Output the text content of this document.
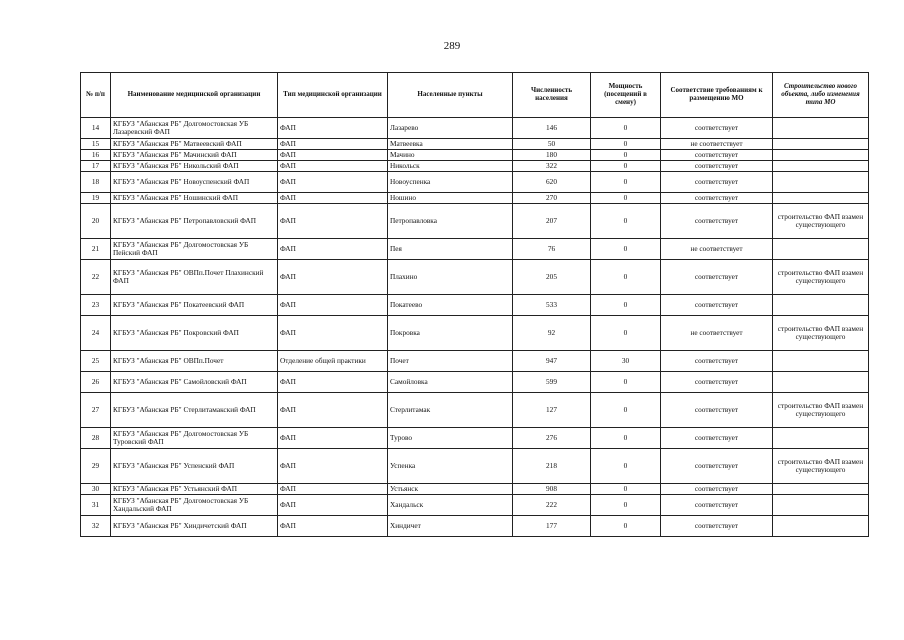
289
№ п/п	Наименование медицинской организации	Тип медицинской организации	Населенные пункты	Численность населения	Мощность (посещений в смену)	Соответствие требованиям к размещению МО	Строительство нового объекта, либо изменения типа МО
14	КГБУЗ "Абанская РБ" Долгомостовская УБ Лазаревский ФАП	ФАП	Лазарево	146	0	соответствует	
15	КГБУЗ "Абанская РБ" Матвеевский ФАП	ФАП	Матвеевка	50	0	не соответствует	
16	КГБУЗ "Абанская РБ" Мачинский ФАП	ФАП	Мачино	180	0	соответствует	
17	КГБУЗ "Абанская РБ" Никольский ФАП	ФАП	Никольск	322	0	соответствует	
18	КГБУЗ "Абанская РБ" Новоуспенский ФАП	ФАП	Новоуспенка	620	0	соответствует	
19	КГБУЗ "Абанская РБ" Ношинский ФАП	ФАП	Ношино	270	0	соответствует	
20	КГБУЗ "Абанская РБ" Петропавловский ФАП	ФАП	Петропавловка	207	0	соответствует	строительство ФАП взамен существующего
21	КГБУЗ "Абанская РБ" Долгомостовская УБ Пейский ФАП	ФАП	Пея	76	0	не соответствует	
22	КГБУЗ "Абанская РБ" ОВПп.Почет Плахинский ФАП	ФАП	Плахино	205	0	соответствует	строительство ФАП взамен существующего
23	КГБУЗ "Абанская РБ" Покатеевский ФАП	ФАП	Покатеево	533	0	соответствует	
24	КГБУЗ "Абанская РБ" Покровский ФАП	ФАП	Покровка	92	0	не соответствует	строительство ФАП взамен существующего
25	КГБУЗ "Абанская РБ" ОВПп.Почет	Отделение общей практики	Почет	947	30	соответствует	
26	КГБУЗ "Абанская РБ" Самойловский ФАП	ФАП	Самойловка	599	0	соответствует	
27	КГБУЗ "Абанская РБ" Стерлитамакский ФАП	ФАП	Стерлитамак	127	0	соответствует	строительство ФАП взамен существующего
28	КГБУЗ "Абанская РБ" Долгомостовская УБ Туровский ФАП	ФАП	Турово	276	0	соответствует	
29	КГБУЗ "Абанская РБ" Успенский ФАП	ФАП	Успенка	218	0	соответствует	строительство ФАП взамен существующего
30	КГБУЗ "Абанская РБ" Устьянский ФАП	ФАП	Устьянск	908	0	соответствует	
31	КГБУЗ "Абанская РБ" Долгомостовская УБ Хандальский ФАП	ФАП	Хандальск	222	0	соответствует	
32	КГБУЗ "Абанская РБ" Хиндичетский ФАП	ФАП	Хиндичет	177	0	соответствует	
